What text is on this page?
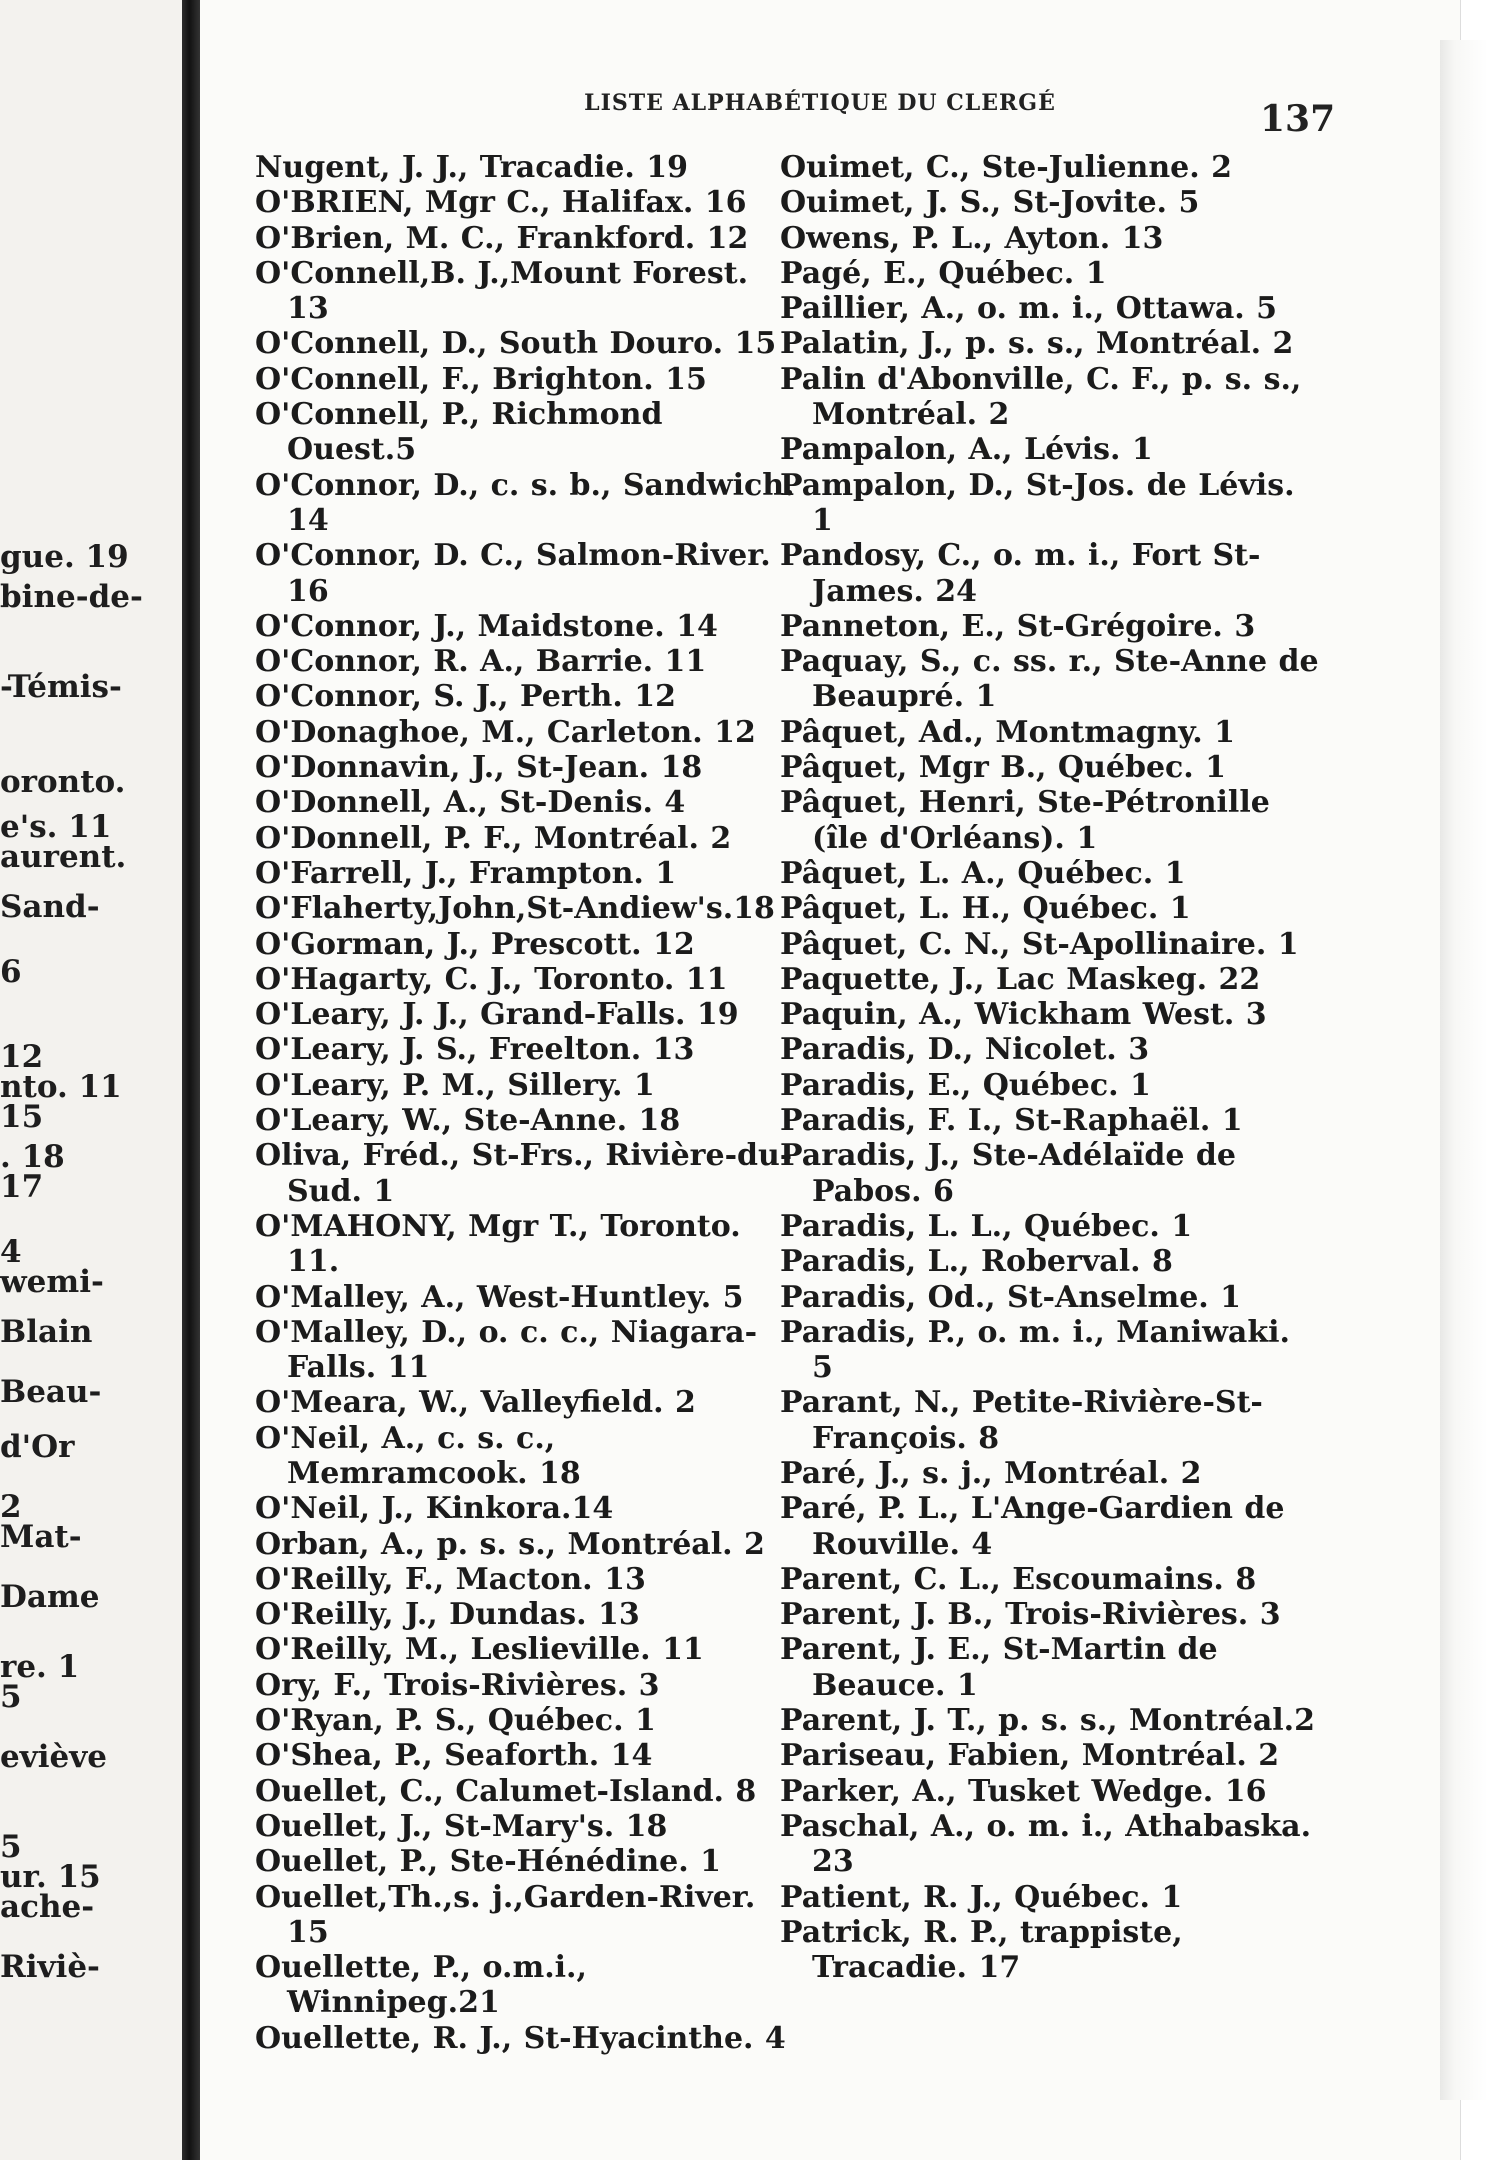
gue. 19
bine-de-
-Témis-
oronto.
e's. 11
aurent.
Sand-
6
12
nto. 11
15
. 18
17
4
wemi-
Blain
Beau-
d'Or
2
Mat-
Dame
re. 1
5
eviève
5
ur. 15
ache-
Riviè-
LISTE ALPHABÉTIQUE DU CLERGÉ	137
Nugent, J. J., Tracadie. 19
O'BRIEN, Mgr C., Halifax. 16
O'Brien, M. C., Frankford. 12
O'Connell,B. J.,Mount Forest. 13
O'Connell, D., South Douro. 15
O'Connell, F., Brighton. 15
O'Connell, P., Richmond Ouest.5
O'Connor, D., c. s. b., Sandwich. 14
O'Connor, D. C., Salmon-River. 16
O'Connor, J., Maidstone. 14
O'Connor, R. A., Barrie. 11
O'Connor, S. J., Perth. 12
O'Donaghoe, M., Carleton. 12
O'Donnavin, J., St-Jean. 18
O'Donnell, A., St-Denis. 4
O'Donnell, P. F., Montréal. 2
O'Farrell, J., Frampton. 1
O'Flaherty,John,St-Andiew's.18
O'Gorman, J., Prescott. 12
O'Hagarty, C. J., Toronto. 11
O'Leary, J. J., Grand-Falls. 19
O'Leary, J. S., Freelton. 13
O'Leary, P. M., Sillery. 1
O'Leary, W., Ste-Anne. 18
Oliva, Fréd., St-Frs., Rivière-du-Sud. 1
O'MAHONY, Mgr T., Toronto. 11.
O'Malley, A., West-Huntley. 5
O'Malley, D., o. c. c., Niagara-Falls. 11
O'Meara, W., Valleyfield. 2
O'Neil, A., c. s. c., Memramcook. 18
O'Neil, J., Kinkora.14
Orban, A., p. s. s., Montréal. 2
O'Reilly, F., Macton. 13
O'Reilly, J., Dundas. 13
O'Reilly, M., Leslieville. 11
Ory, F., Trois-Rivières. 3
O'Ryan, P. S., Québec. 1
O'Shea, P., Seaforth. 14
Ouellet, C., Calumet-Island. 8
Ouellet, J., St-Mary's. 18
Ouellet, P., Ste-Hénédine. 1
Ouellet,Th.,s. j.,Garden-River. 15
Ouellette, P., o.m.i., Winnipeg.21
Ouellette, R. J., St-Hyacinthe. 4
Ouimet, C., Ste-Julienne. 2
Ouimet, J. S., St-Jovite. 5
Owens, P. L., Ayton. 13
Pagé, E., Québec. 1
Paillier, A., o. m. i., Ottawa. 5
Palatin, J., p. s. s., Montréal. 2
Palin d'Abonville, C. F., p. s. s., Montréal. 2
Pampalon, A., Lévis. 1
Pampalon, D., St-Jos. de Lévis. 1
Pandosy, C., o. m. i., Fort St-James. 24
Panneton, E., St-Grégoire. 3
Paquay, S., c. ss. r., Ste-Anne de Beaupré. 1
Pâquet, Ad., Montmagny. 1
Pâquet, Mgr B., Québec. 1
Pâquet, Henri, Ste-Pétronille (île d'Orléans). 1
Pâquet, L. A., Québec. 1
Pâquet, L. H., Québec. 1
Pâquet, C. N., St-Apollinaire. 1
Paquette, J., Lac Maskeg. 22
Paquin, A., Wickham West. 3
Paradis, D., Nicolet. 3
Paradis, E., Québec. 1
Paradis, F. I., St-Raphaël. 1
Paradis, J., Ste-Adélaïde de Pabos. 6
Paradis, L. L., Québec. 1
Paradis, L., Roberval. 8
Paradis, Od., St-Anselme. 1
Paradis, P., o. m. i., Maniwaki. 5
Parant, N., Petite-Rivière-St-François. 8
Paré, J., s. j., Montréal. 2
Paré, P. L., L'Ange-Gardien de Rouville. 4
Parent, C. L., Escoumains. 8
Parent, J. B., Trois-Rivières. 3
Parent, J. E., St-Martin de Beauce. 1
Parent, J. T., p. s. s., Montréal.2
Pariseau, Fabien, Montréal. 2
Parker, A., Tusket Wedge. 16
Paschal, A., o. m. i., Athabaska. 23
Patient, R. J., Québec. 1
Patrick, R. P., trappiste, Tracadie. 17
